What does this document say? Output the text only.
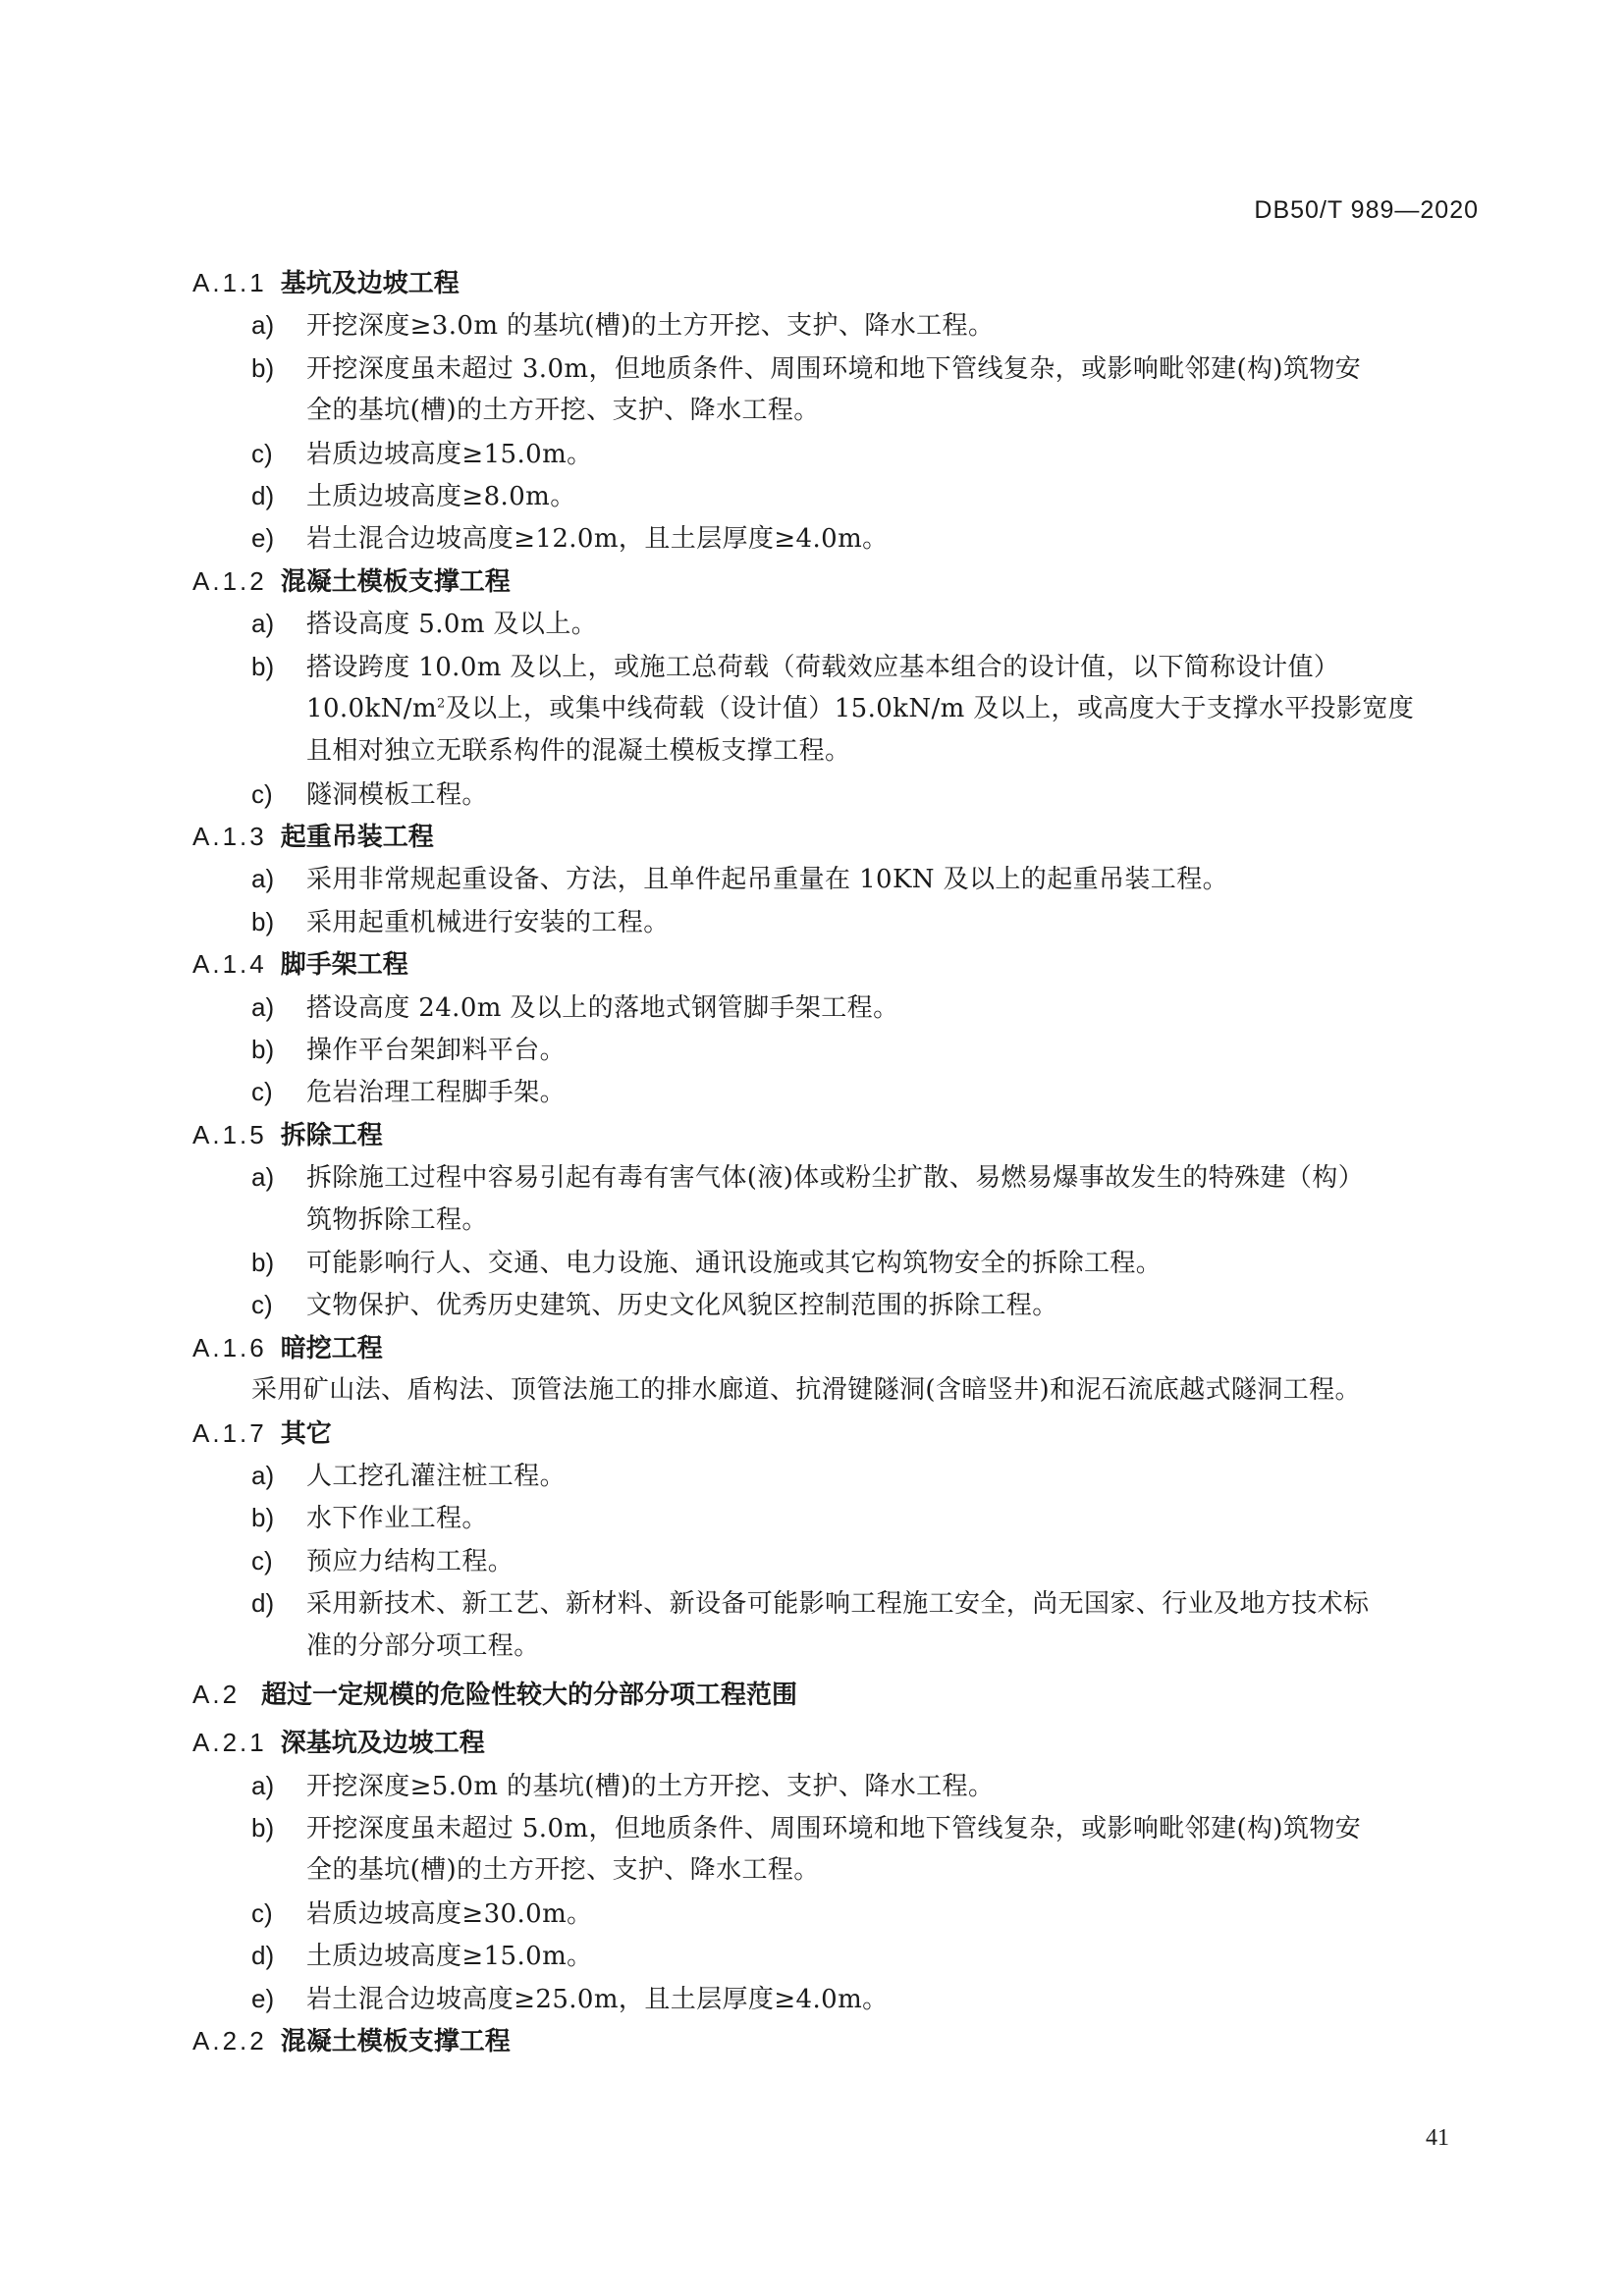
DB50/T 989—2020
A.1.1 基坑及边坡工程
a) 开挖深度≥3.0m 的基坑(槽)的土方开挖、支护、降水工程。
b) 开挖深度虽未超过 3.0m，但地质条件、周围环境和地下管线复杂，或影响毗邻建(构)筑物安
全的基坑(槽)的土方开挖、支护、降水工程。
c) 岩质边坡高度≥15.0m。
d) 土质边坡高度≥8.0m。
e) 岩土混合边坡高度≥12.0m，且土层厚度≥4.0m。
A.1.2 混凝土模板支撑工程
a) 搭设高度 5.0m 及以上。
b) 搭设跨度 10.0m 及以上，或施工总荷载（荷载效应基本组合的设计值，以下简称设计值）
$10.0kN/m^2$及以上，或集中线荷载（设计值）15.0kN/m 及以上，或高度大于支撑水平投影宽度
且相对独立无联系构件的混凝土模板支撑工程。
c) 隧洞模板工程。
A.1.3 起重吊装工程
a) 采用非常规起重设备、方法，且单件起吊重量在 10KN 及以上的起重吊装工程。
b) 采用起重机械进行安装的工程。
A.1.4 脚手架工程
a) 搭设高度 24.0m 及以上的落地式钢管脚手架工程。
b) 操作平台架卸料平台。
c) 危岩治理工程脚手架。
A.1.5 拆除工程
a) 拆除施工过程中容易引起有毒有害气体(液)体或粉尘扩散、易燃易爆事故发生的特殊建（构）
筑物拆除工程。
b) 可能影响行人、交通、电力设施、通讯设施或其它构筑物安全的拆除工程。
c) 文物保护、优秀历史建筑、历史文化风貌区控制范围的拆除工程。
A.1.6 暗挖工程
采用矿山法、盾构法、顶管法施工的排水廊道、抗滑键隧洞(含暗竖井)和泥石流底越式隧洞工程。
A.1.7 其它
a) 人工挖孔灌注桩工程。
b) 水下作业工程。
c) 预应力结构工程。
d) 采用新技术、新工艺、新材料、新设备可能影响工程施工安全，尚无国家、行业及地方技术标
准的分部分项工程。
A.2 超过一定规模的危险性较大的分部分项工程范围
A.2.1 深基坑及边坡工程
a) 开挖深度≥5.0m 的基坑(槽)的土方开挖、支护、降水工程。
b) 开挖深度虽未超过 5.0m，但地质条件、周围环境和地下管线复杂，或影响毗邻建(构)筑物安
全的基坑(槽)的土方开挖、支护、降水工程。
c) 岩质边坡高度≥30.0m。
d) 土质边坡高度≥15.0m。
e) 岩土混合边坡高度≥25.0m，且土层厚度≥4.0m。
A.2.2 混凝土模板支撑工程
41
